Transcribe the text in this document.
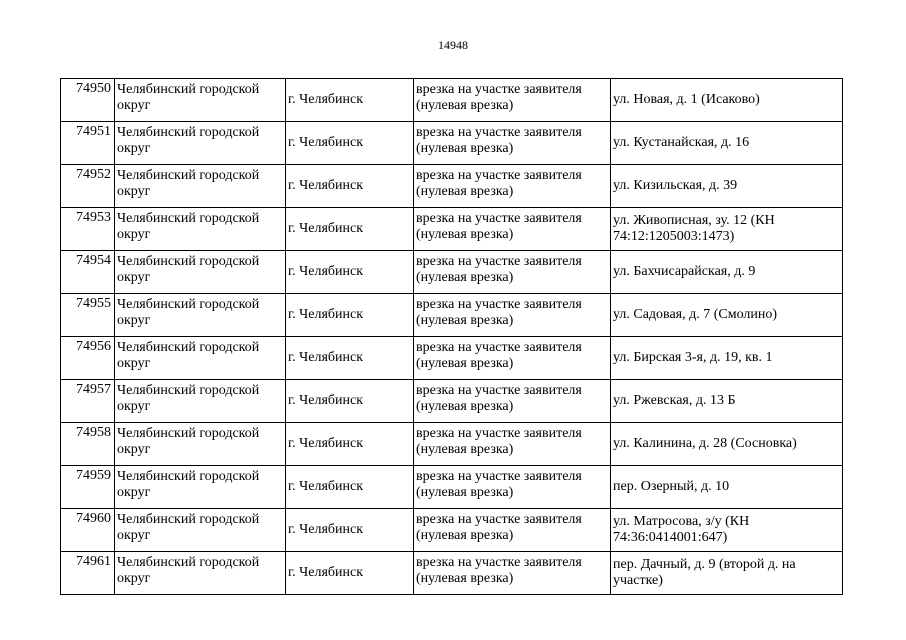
14948
74950	Челябинский городской
округ	г. Челябинск	врезка на участке заявителя
(нулевая врезка)	ул. Новая, д. 1 (Исаково)

74951	Челябинский городской
округ	г. Челябинск	врезка на участке заявителя
(нулевая врезка)	ул. Кустанайская, д. 16

74952	Челябинский городской
округ	г. Челябинск	врезка на участке заявителя
(нулевая врезка)	ул. Кизильская, д. 39

74953	Челябинский городской
округ	г. Челябинск	врезка на участке заявителя
(нулевая врезка)	ул. Живописная, зу. 12 (КН
74:12:1205003:1473)

74954	Челябинский городской
округ	г. Челябинск	врезка на участке заявителя
(нулевая врезка)	ул. Бахчисарайская, д. 9

74955	Челябинский городской
округ	г. Челябинск	врезка на участке заявителя
(нулевая врезка)	ул. Садовая, д. 7 (Смолино)

74956	Челябинский городской
округ	г. Челябинск	врезка на участке заявителя
(нулевая врезка)	ул. Бирская 3-я, д. 19, кв. 1

74957	Челябинский городской
округ	г. Челябинск	врезка на участке заявителя
(нулевая врезка)	ул. Ржевская, д. 13 Б

74958	Челябинский городской
округ	г. Челябинск	врезка на участке заявителя
(нулевая врезка)	ул. Калинина, д. 28 (Сосновка)

74959	Челябинский городской
округ	г. Челябинск	врезка на участке заявителя
(нулевая врезка)	пер. Озерный, д. 10

74960	Челябинский городской
округ	г. Челябинск	врезка на участке заявителя
(нулевая врезка)	ул. Матросова, з/у (КН
74:36:0414001:647)

74961	Челябинский городской
округ	г. Челябинск	врезка на участке заявителя
(нулевая врезка)	пер. Дачный, д. 9 (второй д. на
участке)
